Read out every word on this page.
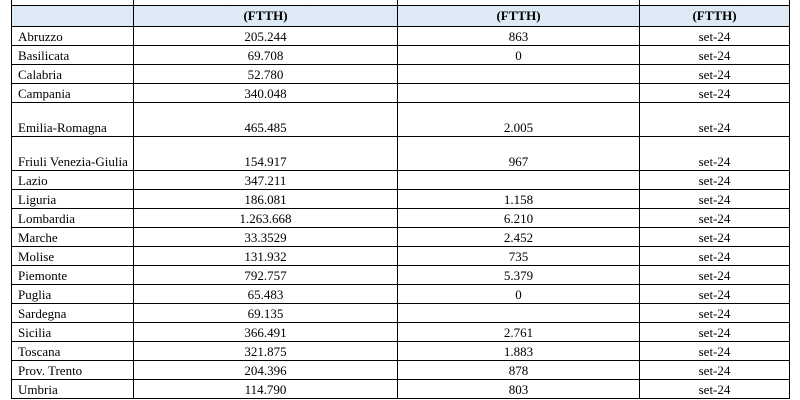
	(FTTH)	(FTTH)	(FTTH)
Abruzzo	205.244	863	set-24
Basilicata	69.708	0	set-24
Calabria	52.780		set-24
Campania	340.048		set-24
Emilia-Romagna	465.485	2.005	set-24
Friuli Venezia-Giulia	154.917	967	set-24
Lazio	347.211		set-24
Liguria	186.081	1.158	set-24
Lombardia	1.263.668	6.210	set-24
Marche	33.3529	2.452	set-24
Molise	131.932	735	set-24
Piemonte	792.757	5.379	set-24
Puglia	65.483	0	set-24
Sardegna	69.135		set-24
Sicilia	366.491	2.761	set-24
Toscana	321.875	1.883	set-24
Prov. Trento	204.396	878	set-24
Umbria	114.790	803	set-24
